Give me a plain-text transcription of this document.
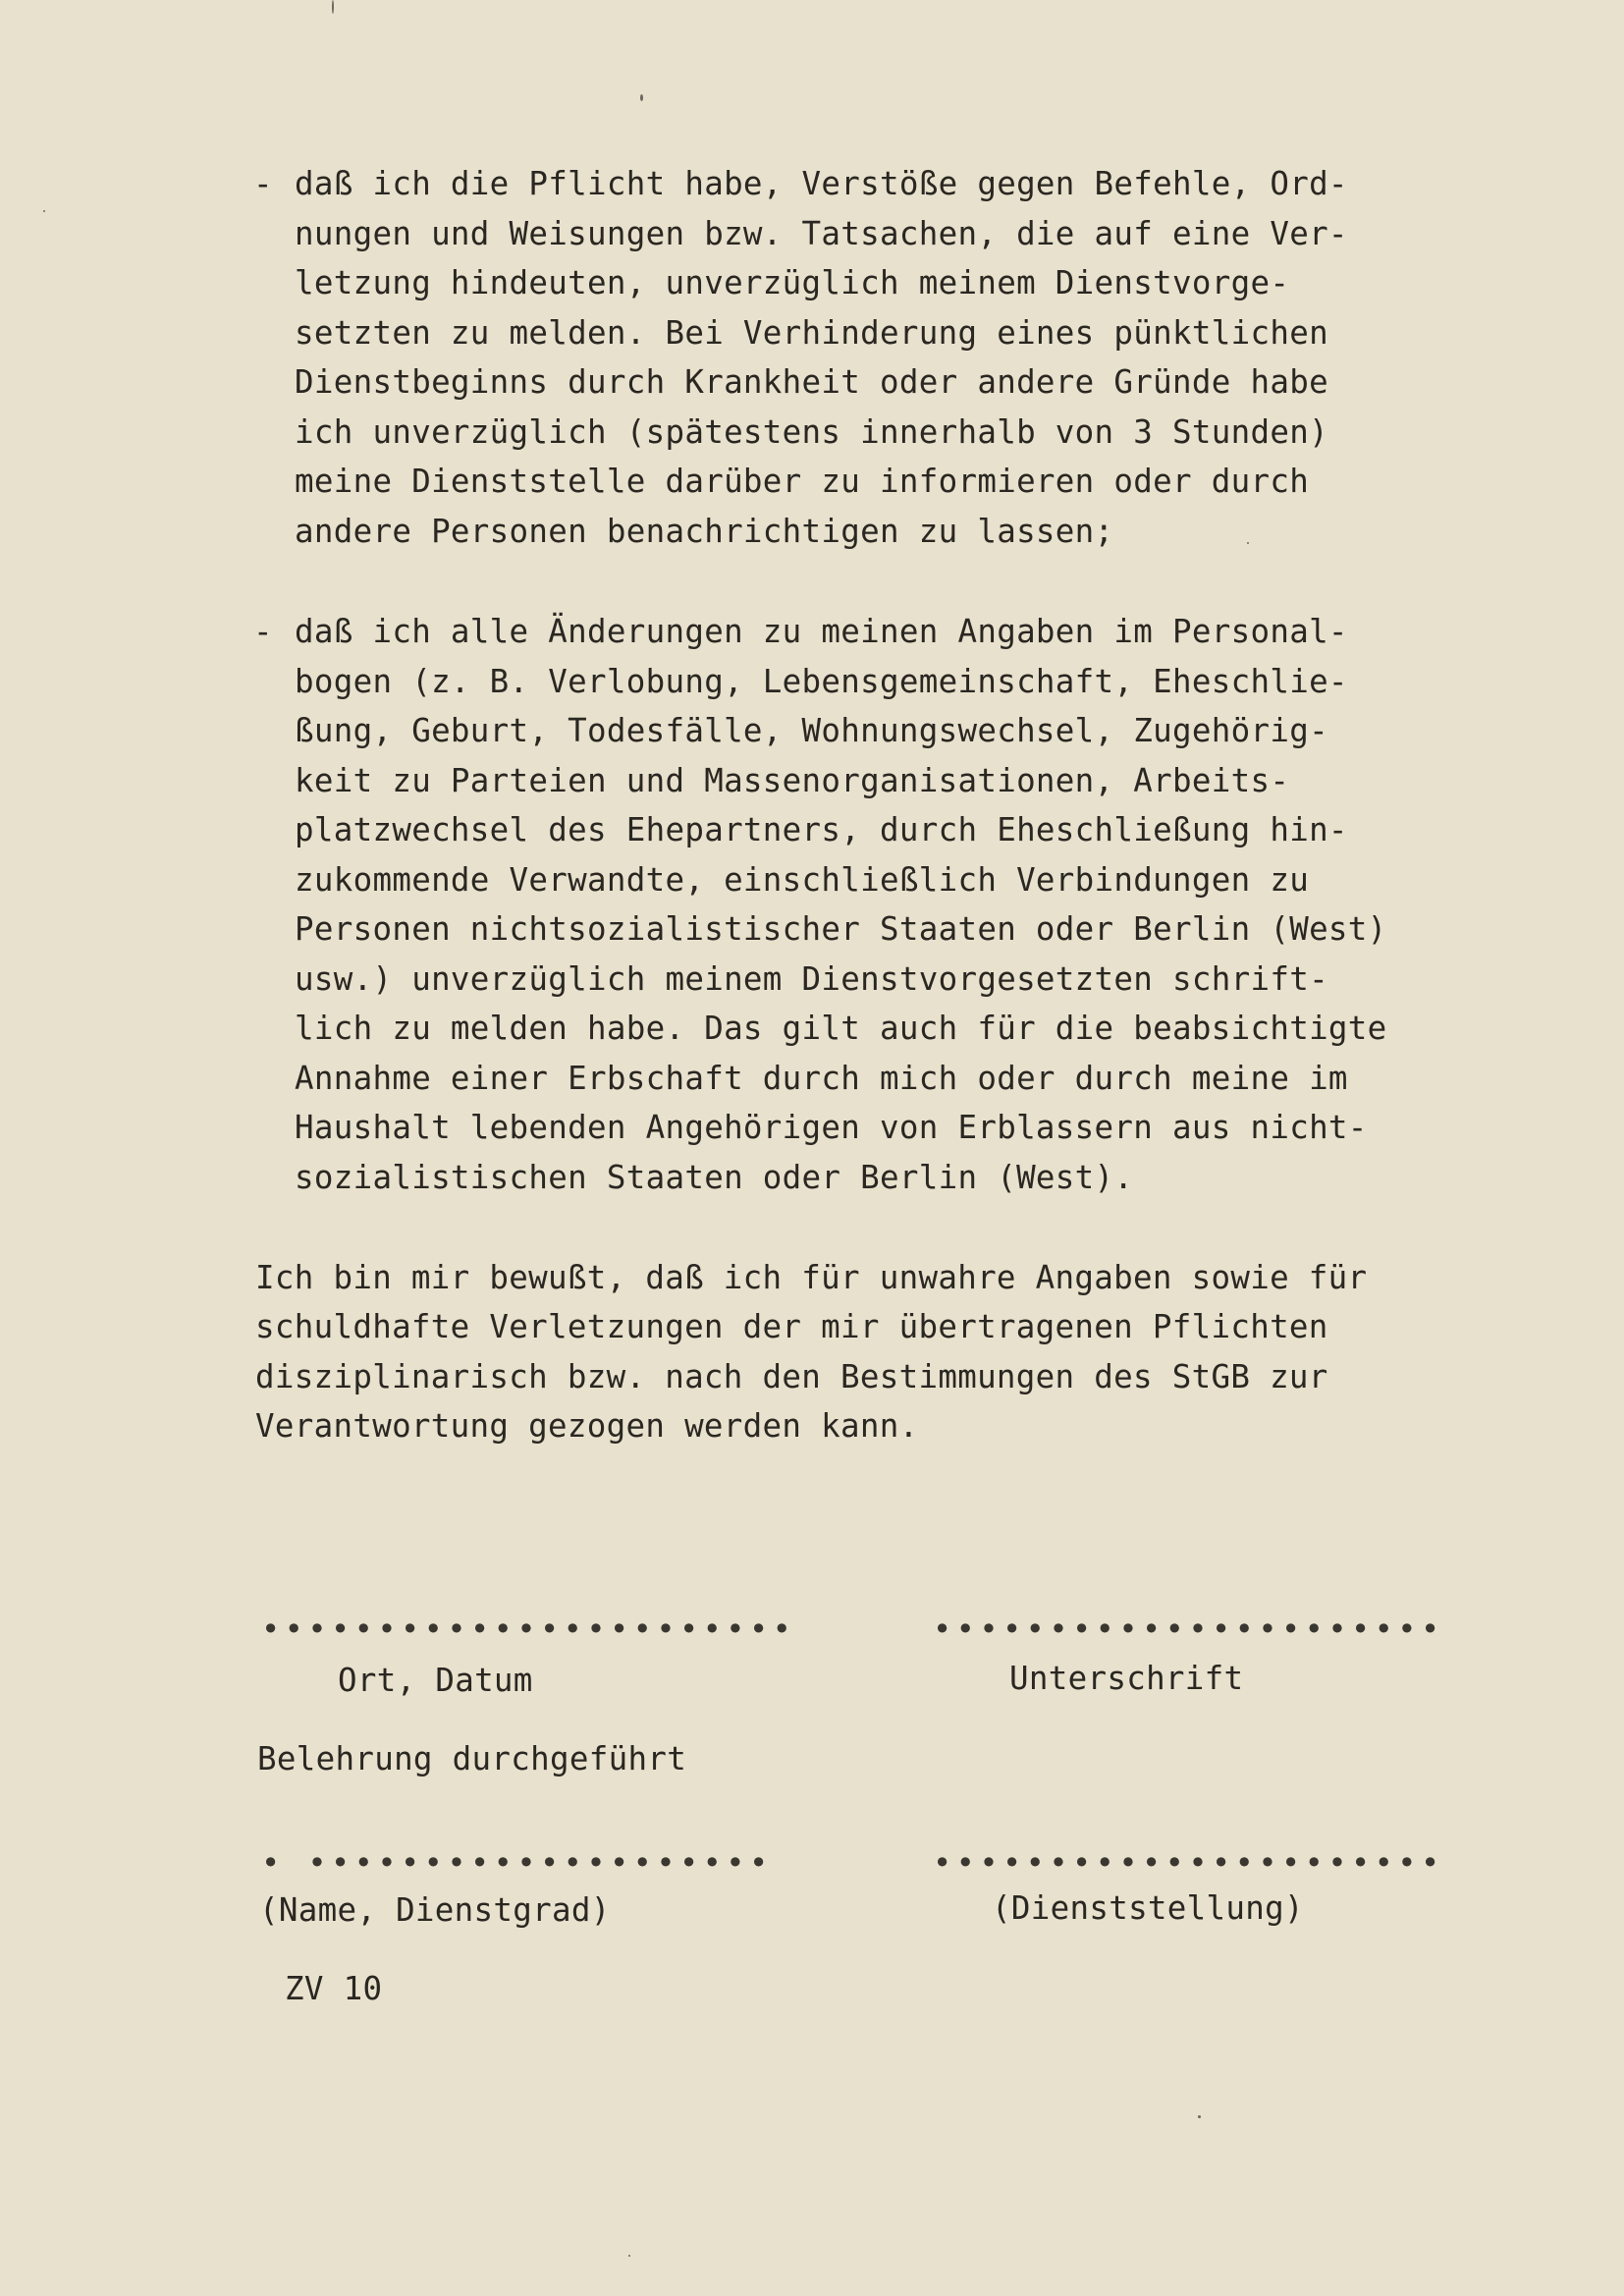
- daß ich die Pflicht habe, Verstöße gegen Befehle, Ord-
nungen und Weisungen bzw. Tatsachen, die auf eine Ver-
letzung hindeuten, unverzüglich meinem Dienstvorge-
setzten zu melden. Bei Verhinderung eines pünktlichen
Dienstbeginns durch Krankheit oder andere Gründe habe
ich unverzüglich (spätestens innerhalb von 3 Stunden)
meine Dienststelle darüber zu informieren oder durch
andere Personen benachrichtigen zu lassen;
- daß ich alle Änderungen zu meinen Angaben im Personal-
bogen (z. B. Verlobung, Lebensgemeinschaft, Eheschlie-
ßung, Geburt, Todesfälle, Wohnungswechsel, Zugehörig-
keit zu Parteien und Massenorganisationen, Arbeits-
platzwechsel des Ehepartners, durch Eheschließung hin-
zukommende Verwandte, einschließlich Verbindungen zu
Personen nichtsozialistischer Staaten oder Berlin (West)
usw.) unverzüglich meinem Dienstvorgesetzten schrift-
lich zu melden habe. Das gilt auch für die beabsichtigte
Annahme einer Erbschaft durch mich oder durch meine im
Haushalt lebenden Angehörigen von Erblassern aus nicht-
sozialistischen Staaten oder Berlin (West).
Ich bin mir bewußt, daß ich für unwahre Angaben sowie für
schuldhafte Verletzungen der mir übertragenen Pflichten
disziplinarisch bzw. nach den Bestimmungen des StGB zur
Verantwortung gezogen werden kann.
•••••••••••••••••••••••	••••••••••••••••••••••
Ort, Datum	Unterschrift
Belehrung durchgeführt
• ••••••••••••••••••••	••••••••••••••••••••••
(Name, Dienstgrad)	(Dienststellung)
ZV 10
